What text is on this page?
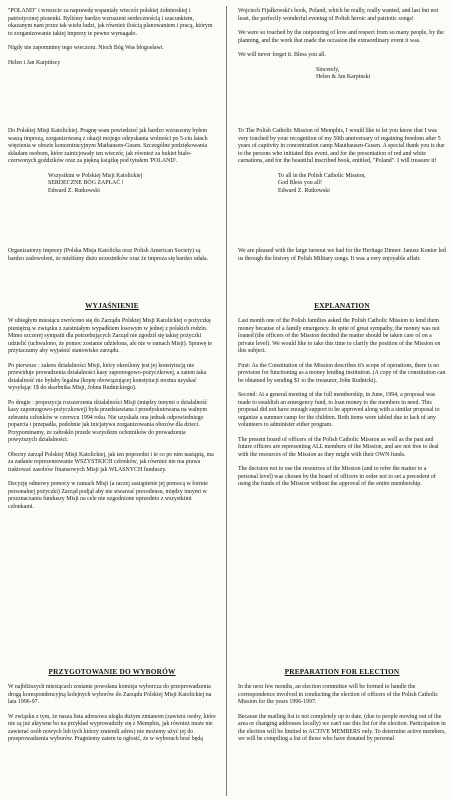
"POLAND" i wreszcie za naprawdę wspaniały wieczór polskiej żołnierskiej i patriotycznej piosenki. Byliśmy bardzo wzruszeni serdecznością i szacunkiem, okazanym nam przez tak wielu ludzi, jak również ilością planowaniem i pracą, którym to zorganizowanie takiej imprezy te pewno wymagało.

Nigdy nie zapomnimy tego wieczoru. Niech Bóg Was błogosławi.

Helen i Jan Karpińscy

Do Polskiej Misji Katolickiej. Pragnę wam powiedzieć jak bardzo wzruszony byłem waszą imprezą, zorganizowaną z okazji mojego odzyskania wolności po 5-ciu latach więzienia w obozie koncentracyjnym Mathausen-Gusen. Szczególne podziękowania składam osobom, które zainicjowały ten wieczór, jak również za bukiet biało-czerwonych goździków oraz za piękną książkę pod tytułem 'POLAND'.

Wszystkim w Polskiej Misji Katolickiej

SERDECZNE BÓG ZAPŁAĆ !

Edward Z. Rutkowski

Organizatorzy imprezy (Polska Misja Katolicka oraz Polish American Society) są bardzo zadowoleni, że mieliśmy dużo uczestników oraz że impreza się bardzo udała.

WYJAŚNIENIE

W ubiegłym miesiącu zwrócono się do Zarządu Polskiej Misji Katolickiej o pożyczkę pieniężną w związku z zaistniałym wypadkiem losowym w jednej z polskich rodzin. Mimo szczerej sympatii dla potrzebujących Zarząd nie zgodził się takiej pożyczki udzielić (uchwalono, że pomoc zostanie udzielona, ale nie w ramach Misji). Sprawę te przytaczamy aby wyjaśnić stanowisko zarządu.

Po pierwsze : zakres działalności Misji, który określony jest jej konstytucją nie przewiduje prowadzenia działalności kasy zapomogowo-pożyczkowej, a zatem taka działalność nie byłaby legalna (kopię obowiązującej konstytucji można uzyskać wysyłając 1$ do skarbnika Misji, Johna Rudnickiego).

Po drugie : propozycja rozszerzenia działalności Misji (między innymi o działalność kasy zapomogowo-pożyczkowej) była przedstawiana i przedyskutowana na walnym zebraniu członków w czerwcu 1994 roku. Nie uzyskała ona jednak odpowiedniego poparcia i przepadła, podobnie jak inicjatywa zorganizowania obozów dla dzieci. Przypominamy, że zabrakło przede wszystkim ochotników do prowadzenia powyższych działalności.

Obecny zarząd Polskiej Misji Katolickiej, jak ten poprzedni i te co po nim nastąpią, ma za zadanie reprezentowanie WSZYSTKICH członków, jak również nie ma prawa traktować zasobów finansowych Misji jak WŁASNYCH funduszy.

Decyzję odmowy pomocy w ramach Misji (a raczej zastąpienie jej pomocą w formie personalnej pożyczki) Zarząd podjął aby nie stwarzać precedensu, między innymi w przeznaczaniu funduszy Misji na cele nie uzgodnione uprzednio z wszystkimi członkami.

PRZYGOTOWANIE DO WYBORÓW

W najbliższych miesiącach zostanie powołana komisja wyborcza do przeprowadzenia drogą korespondencyjną kolejnych wyborów do Zarządu Polskiej Misji Katolickiej na lata 1996-97.

W związku z tym, że nasza lista adresowa uległa dużym zmianom (zawiera osoby, które nie są już aktywne bo na przykład wyprowadziły się z Memphis, jak również może nie zawierać osób nowych lub tych którzy zmienili adres) nie możemy użyć jej do przeprowadzenia wyborów. Pragniemy zatem tu ogłosić, że w wyborach brać będą

Wojciech Fijałkowski's book, Poland, which he really, really wanted, and last but not least, the perfectly wonderful evening of Polish heroic and patriotic songs!

We were so touched by the outpouring of love and respect from so many people, by the planning, and the work that made the occasion the extraordinary event it was.

We will never forget it. Bless you all.

Sincerely,

Helen & Jan Karpinski

To The Polish Catholic Mission of Memphis, I would like to let you know that I was very touched by your recognition of my 50th anniversary of regaining freedom after 5 years of captivity in concentration camp Mauthausen-Gusen. A special thank you is due to the persons who initiated this event, and for the presentation of red and white carnations, and for the beautiful inscribed book, entitled, "Poland". I will treasure it!

To all in the Polish Catholic Mission,

God Bless you all!

Edward Z. Rutkowski

We are pleased with the large turnout we had for the Heritage Dinner. Janusz Konior led us through the history of Polish Military songs. It was a very enjoyable affair.

EXPLANATION

Last month one of the Polish families asked the Polish Catholic Mission to lend them money because of a family emergency. In spite of great sympathy, the money was not loaned (the officers of the Mission decided the matter should be taken care of on a private level). We would like to take this time to clarify the position of the Mission on this subject.

First: As the Constitution of the Mission describes it's scope of operations, there is no provision for functioning as a money lending institution. (A copy of the constitution can be obtained by sending $1 to the treasurer, John Rudnicki).

Second: At a general meeting of the full membership, in June, 1994, a proposal was made to establish an emergency fund, to loan money to the members in need. This proposal did not have enough support to be approved along with a similar proposal to organize a summer camp for the children. Both items were tabled due to lack of any volunteers to administer either program.

The present board of officers of the Polish Catholic Mission as well as the past and future officers are representing ALL members of the Mission, and are not free to deal with the resources of the Mission as they might with their OWN funds.

The decision not to use the resources of the Mission (and to refer the matter to a personal level) was chosen by the board of officers in order not to set a precedent of using the funds of the Mission without the approval of the entire membership.

PREPARATION FOR ELECTION

In the next few months, an election committee will be formed to handle the correspondence involved in conducting the election of officers of the Polish Catholic Mission for the years 1996-1997.

Because the mailing list is not completely up to date, (due to people moving out of the area or changing addresses locally) we can't use this list for the election. Participation in the election will be limited to ACTIVE MEMBERS only. To determine active members, we will be compiling a list of those who have donated by personal
